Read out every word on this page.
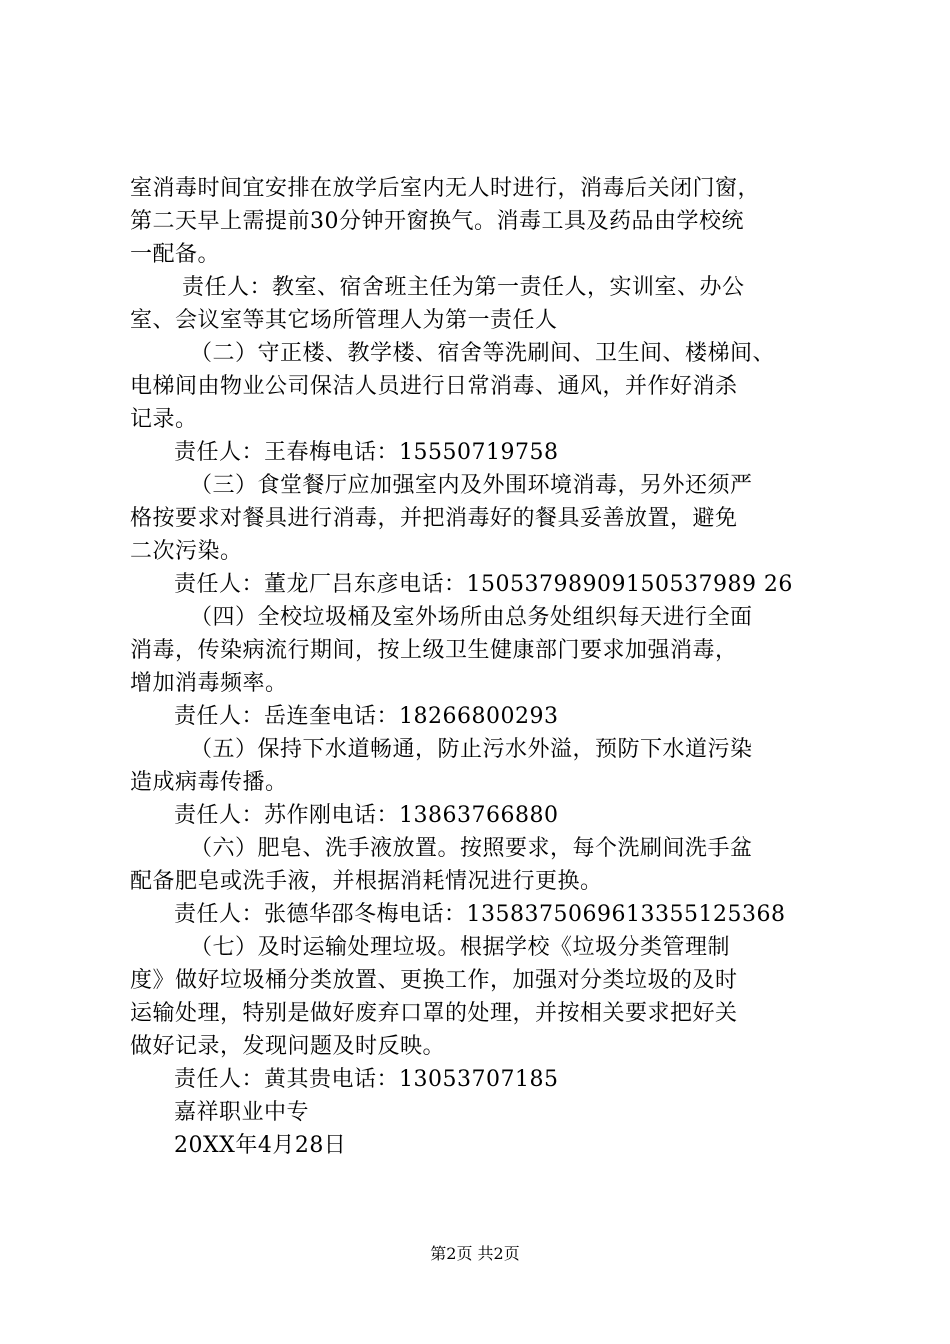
室消毒时间宜安排在放学后室内无人时进行，消毒后关闭门窗，
第二天早上需提前30分钟开窗换气。消毒工具及药品由学校统
一配备。
责任人：教室、宿舍班主任为第一责任人，实训室、办公
室、会议室等其它场所管理人为第一责任人
（二）守正楼、教学楼、宿舍等洗刷间、卫生间、楼梯间、
电梯间由物业公司保洁人员进行日常消毒、通风，并作好消杀
记录。
责任人：王春梅电话：15550719758
（三）食堂餐厅应加强室内及外围环境消毒，另外还须严
格按要求对餐具进行消毒，并把消毒好的餐具妥善放置，避免
二次污染。
责任人：董龙厂吕东彦电话：15053798909150537989 26
（四）全校垃圾桶及室外场所由总务处组织每天进行全面
消毒，传染病流行期间，按上级卫生健康部门要求加强消毒，
增加消毒频率。
责任人：岳连奎电话：18266800293
（五）保持下水道畅通，防止污水外溢，预防下水道污染
造成病毒传播。
责任人：苏作刚电话：13863766880
（六）肥皂、洗手液放置。按照要求，每个洗刷间洗手盆
配备肥皂或洗手液，并根据消耗情况进行更换。
责任人：张德华邵冬梅电话：1358375069613355125368
（七）及时运输处理垃圾。根据学校《垃圾分类管理制
度》做好垃圾桶分类放置、更换工作，加强对分类垃圾的及时
运输处理，特别是做好废弃口罩的处理，并按相关要求把好关
做好记录，发现问题及时反映。
责任人：黄其贵电话：13053707185
嘉祥职业中专
20XX年4月28日
第2页 共2页
